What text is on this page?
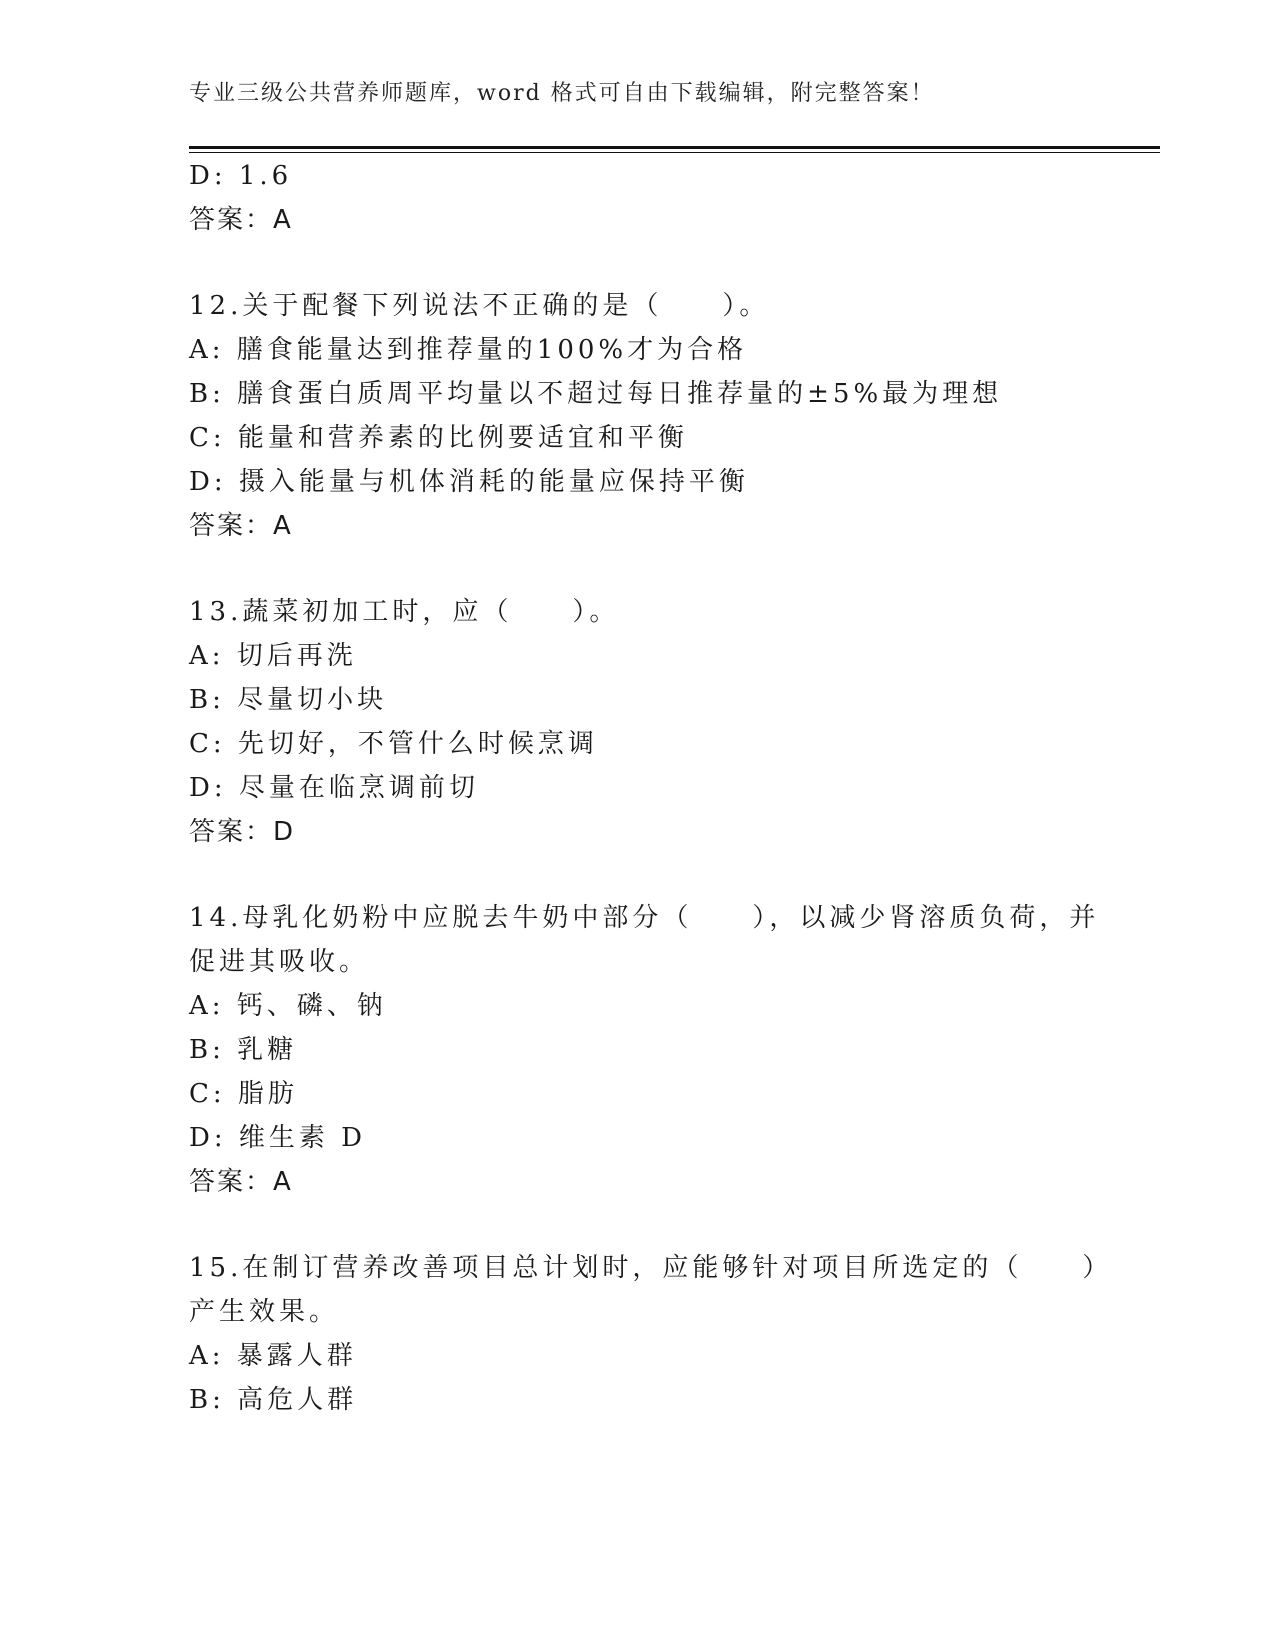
专业三级公共营养师题库，word 格式可自由下载编辑，附完整答案！
D: 1.6
答案：A
12.关于配餐下列说法不正确的是（　　）。
A: 膳食能量达到推荐量的100%才为合格
B: 膳食蛋白质周平均量以不超过每日推荐量的±5%最为理想
C: 能量和营养素的比例要适宜和平衡
D: 摄入能量与机体消耗的能量应保持平衡
答案：A
13.蔬菜初加工时，应（　　）。
A: 切后再洗
B: 尽量切小块
C: 先切好，不管什么时候烹调
D: 尽量在临烹调前切
答案：D
14.母乳化奶粉中应脱去牛奶中部分（　　），以减少肾溶质负荷，并
促进其吸收。
A: 钙、磷、钠
B: 乳糖
C: 脂肪
D: 维生素 D
答案：A
15.在制订营养改善项目总计划时，应能够针对项目所选定的（　　）
产生效果。
A: 暴露人群
B: 高危人群
